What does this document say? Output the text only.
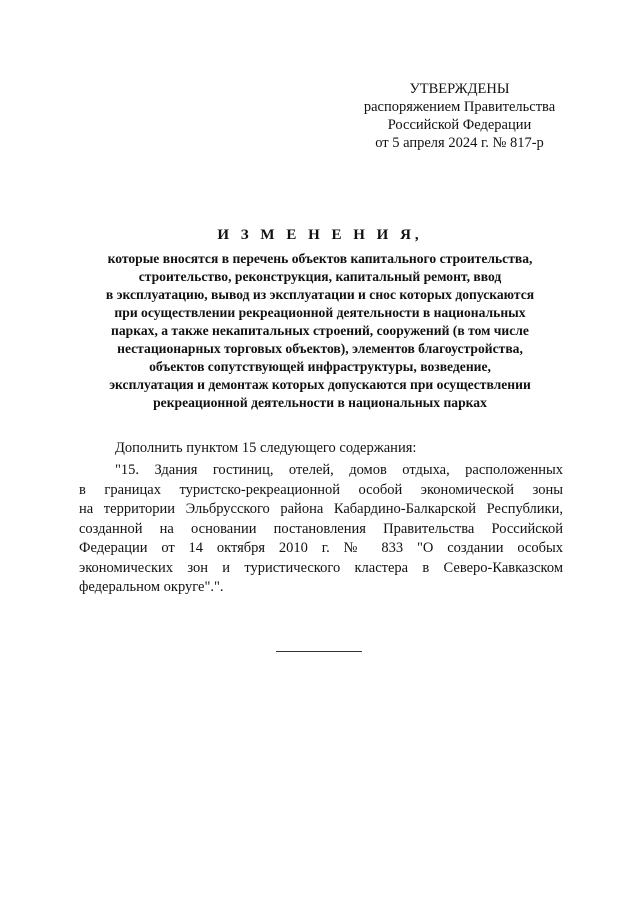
УТВЕРЖДЕНЫ
распоряжением Правительства
Российской Федерации
от 5 апреля 2024 г. № 817-р
И З М Е Н Е Н И Я,
которые вносятся в перечень объектов капитального строительства,
строительство, реконструкция, капитальный ремонт, ввод
в эксплуатацию, вывод из эксплуатации и снос которых допускаются
при осуществлении рекреационной деятельности в национальных
парках, а также некапитальных строений, сооружений (в том числе
нестационарных торговых объектов), элементов благоустройства,
объектов сопутствующей инфраструктуры, возведение,
эксплуатация и демонтаж которых допускаются при осуществлении
рекреационной деятельности в национальных парках
Дополнить пунктом 15 следующего содержания:
"15. Здания гостиниц, отелей, домов отдыха, расположенных
в границах туристско-рекреационной особой экономической зоны
на территории Эльбрусского района Кабардино-Балкарской Республики,
созданной на основании постановления Правительства Российской
Федерации от 14 октября 2010 г. № 833 "О создании особых
экономических зон и туристического кластера в Северо-Кавказском
федеральном округе".".
